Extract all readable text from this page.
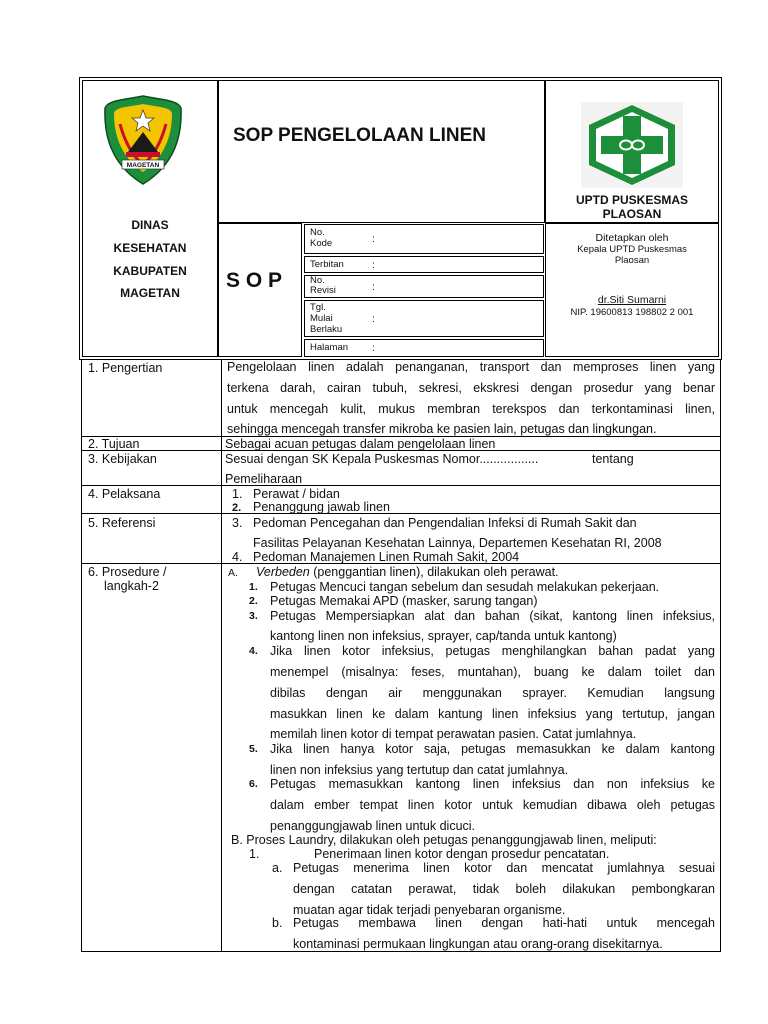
MAGETAN
DINAS
KESEHATAN
KABUPATEN
MAGETAN
SOP PENGELOLAAN LINEN
S O P
No.
Kode	:
Terbitan	:
No.
Revisi	:
Tgl.
Mulai
Berlaku
:
Halaman :
UPTD PUSKESMAS
PLAOSAN
Ditetapkan oleh
Kepala UPTD Puskesmas
Plaosan
dr.Siti Sumarni
NIP. 19600813 198802 2 001
1. Pengertian	Pengelolaan linen adalah penanganan, transport dan memproses linen yang
terkena darah, cairan tubuh, sekresi, ekskresi dengan prosedur yang benar
untuk mencegah kulit, mukus membran terekspos dan terkontaminasi linen,
sehingga mencegah transfer mikroba ke pasien lain, petugas dan lingkungan.
2. Tujuan	Sebagai acuan petugas dalam pengelolaan linen
3. Kebijakan	Sesuai dengan SK Kepala Puskesmas Nomor.................	tentang
Pemeliharaan
4. Pelaksana	1. Perawat / bidan
2. Penanggung jawab linen
5. Referensi	3. Pedoman Pencegahan dan Pengendalian Infeksi di Rumah Sakit dan
Fasilitas Pelayanan Kesehatan Lainnya, Departemen Kesehatan RI, 2008
4. Pedoman Manajemen Linen Rumah Sakit, 2004
6. Prosedure /
langkah-2
A. Verbeden (penggantian linen), dilakukan oleh perawat.
1. Petugas Mencuci tangan sebelum dan sesudah melakukan pekerjaan.
2. Petugas Memakai APD (masker, sarung tangan)
3. Petugas Mempersiapkan alat dan bahan (sikat, kantong linen infeksius,
kantong linen non infeksius, sprayer, cap/tanda untuk kantong)
4. Jika linen kotor infeksius, petugas menghilangkan bahan padat yang
menempel (misalnya: feses, muntahan), buang ke dalam toilet dan
dibilas dengan air menggunakan sprayer. Kemudian langsung
masukkan linen ke dalam kantung linen infeksius yang tertutup, jangan
memilah linen kotor di tempat perawatan pasien. Catat jumlahnya.
5. Jika linen hanya kotor saja, petugas memasukkan ke dalam kantong
linen non infeksius yang tertutup dan catat jumlahnya.
6. Petugas memasukkan kantong linen infeksius dan non infeksius ke
dalam ember tempat linen kotor untuk kemudian dibawa oleh petugas
penanggungjawab linen untuk dicuci.
B. Proses Laundry, dilakukan oleh petugas penanggungjawab linen, meliputi:
1.	Penerimaan linen kotor dengan prosedur pencatatan.
a. Petugas menerima linen kotor dan mencatat jumlahnya sesuai
dengan catatan perawat, tidak boleh dilakukan pembongkaran
muatan agar tidak terjadi penyebaran organisme.
b. Petugas membawa linen dengan hati-hati untuk mencegah
kontaminasi permukaan lingkungan atau orang-orang disekitarnya.
